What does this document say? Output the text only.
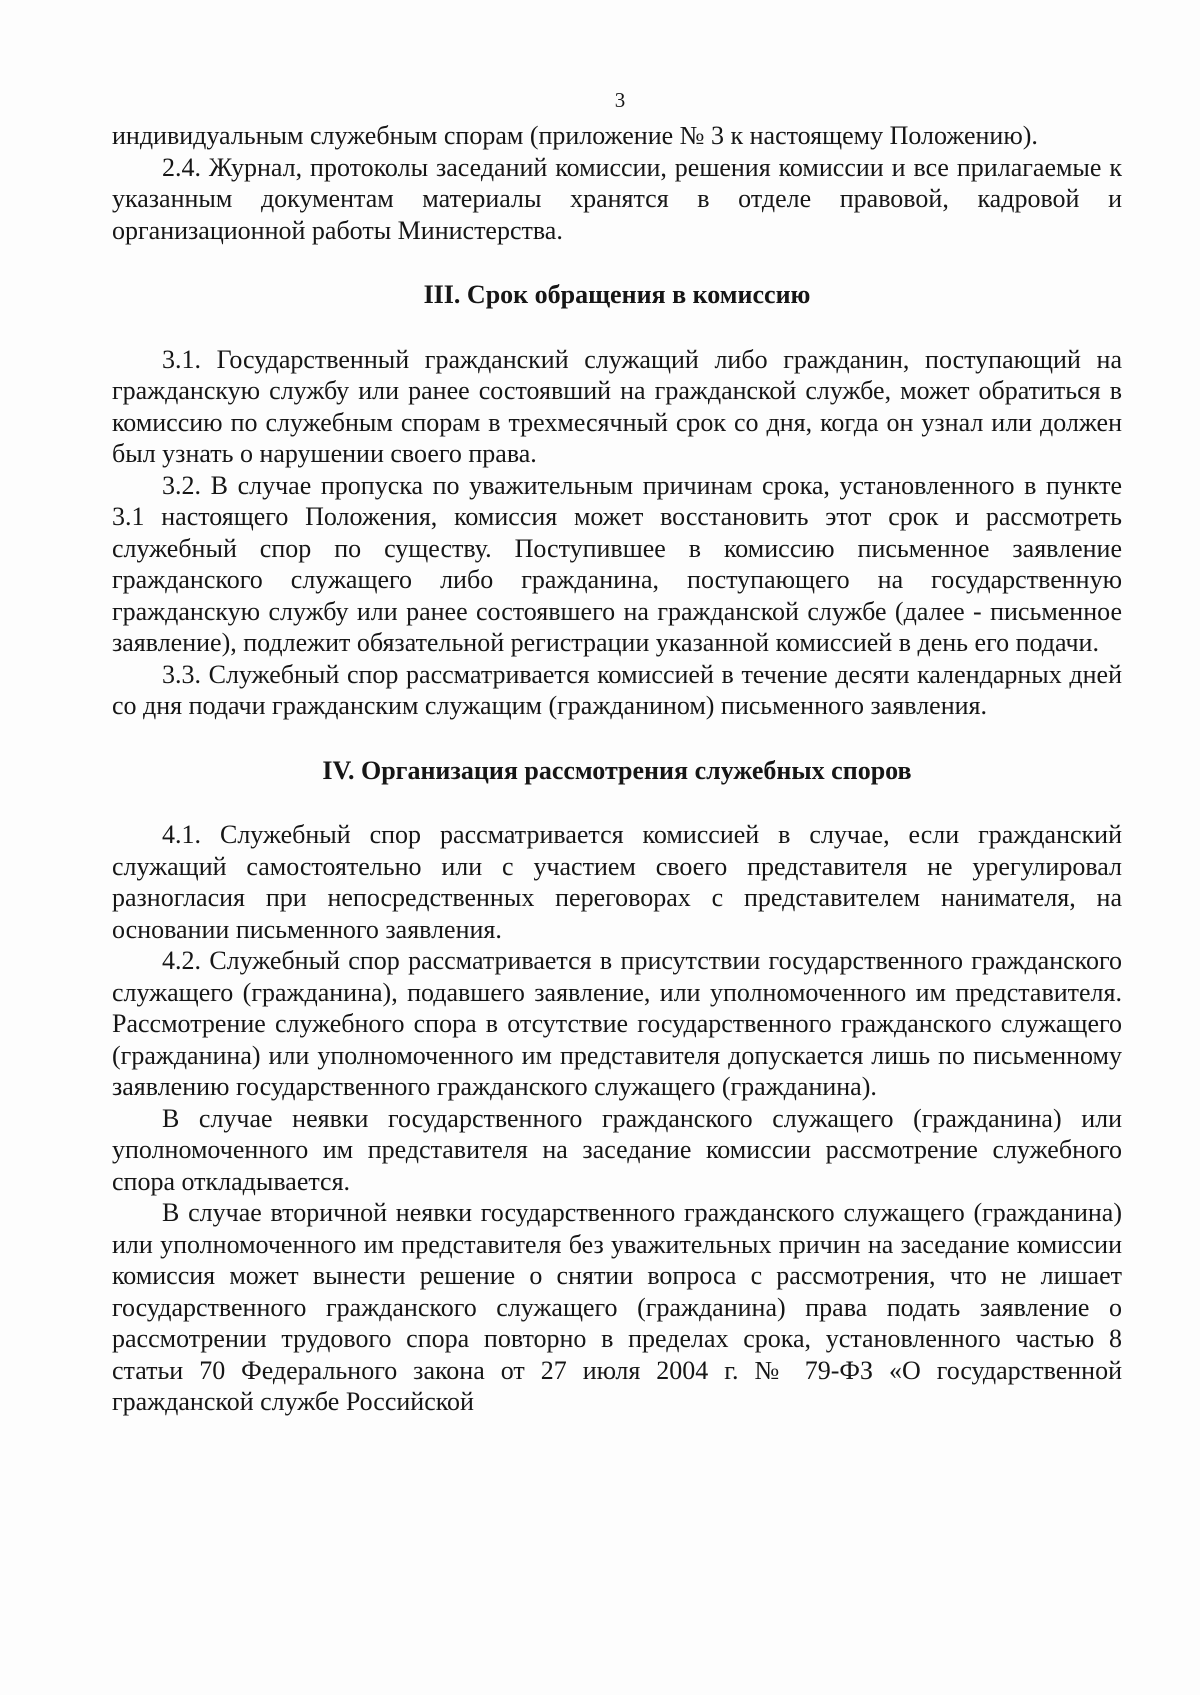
3

индивидуальным служебным спорам (приложение № 3 к настоящему Положению).

2.4. Журнал, протоколы заседаний комиссии, решения комиссии и все прилагаемые к указанным документам материалы хранятся в отделе правовой, кадровой и организационной работы Министерства.

III. Срок обращения в комиссию

3.1. Государственный гражданский служащий либо гражданин, поступающий на гражданскую службу или ранее состоявший на гражданской службе, может обратиться в комиссию по служебным спорам в трехмесячный срок со дня, когда он узнал или должен был узнать о нарушении своего права.

3.2. В случае пропуска по уважительным причинам срока, установленного в пункте 3.1 настоящего Положения, комиссия может восстановить этот срок и рассмотреть служебный спор по существу. Поступившее в комиссию письменное заявление гражданского служащего либо гражданина, поступающего на государственную гражданскую службу или ранее состоявшего на гражданской службе (далее - письменное заявление), подлежит обязательной регистрации указанной комиссией в день его подачи.

3.3. Служебный спор рассматривается комиссией в течение десяти календарных дней со дня подачи гражданским служащим (гражданином) письменного заявления.

IV. Организация рассмотрения служебных споров

4.1. Служебный спор рассматривается комиссией в случае, если гражданский служащий самостоятельно или с участием своего представителя не урегулировал разногласия при непосредственных переговорах с представителем нанимателя, на основании письменного заявления.

4.2. Служебный спор рассматривается в присутствии государственного гражданского служащего (гражданина), подавшего заявление, или уполномоченного им представителя. Рассмотрение служебного спора в отсутствие государственного гражданского служащего (гражданина) или уполномоченного им представителя допускается лишь по письменному заявлению государственного гражданского служащего (гражданина).

В случае неявки государственного гражданского служащего (гражданина) или уполномоченного им представителя на заседание комиссии рассмотрение служебного спора откладывается.

В случае вторичной неявки государственного гражданского служащего (гражданина) или уполномоченного им представителя без уважительных причин на заседание комиссии комиссия может вынести решение о снятии вопроса с рассмотрения, что не лишает государственного гражданского служащего (гражданина) права подать заявление о рассмотрении трудового спора повторно в пределах срока, установленного частью 8 статьи 70 Федерального закона от 27 июля 2004 г. № 79-ФЗ «О государственной гражданской службе Российской
